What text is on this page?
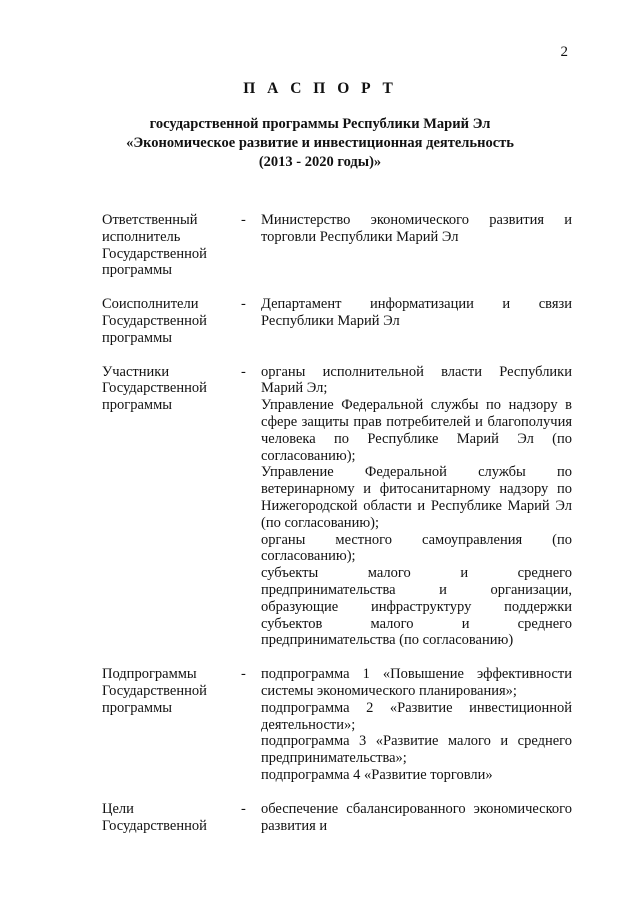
2
П А С П О Р Т
государственной программы Республики Марий Эл
«Экономическое развитие и инвестиционная деятельность
(2013 - 2020 годы)»
Ответственный
исполнитель
Государственной
программы
-	Министерство экономического развития и торговли Республики Марий Эл

Соисполнители
Государственной
программы
-	Департамент информатизации и связи Республики Марий Эл

Участники
Государственной
программы
-	органы исполнительной власти Республики Марий Эл;

Управление Федеральной службы по надзору в сфере защиты прав потребителей и благополучия человека по Республике Марий Эл (по согласованию);

Управление Федеральной службы по ветеринарному и фитосанитарному надзору по Нижегородской области и Республике Марий Эл (по согласованию);

органы местного самоуправления (по согласованию);

субъекты малого и среднего предпринимательства и организации, образующие инфраструктуру поддержки субъектов малого и среднего предпринимательства (по согласованию)

Подпрограммы
Государственной
программы
-	подпрограмма 1 «Повышение эффективности системы экономического планирования»;

подпрограмма 2 «Развитие инвестиционной деятельности»;

подпрограмма 3 «Развитие малого и среднего предпринимательства»;

подпрограмма 4 «Развитие торговли»

Цели
Государственной
-	обеспечение сбалансированного экономического развития и
